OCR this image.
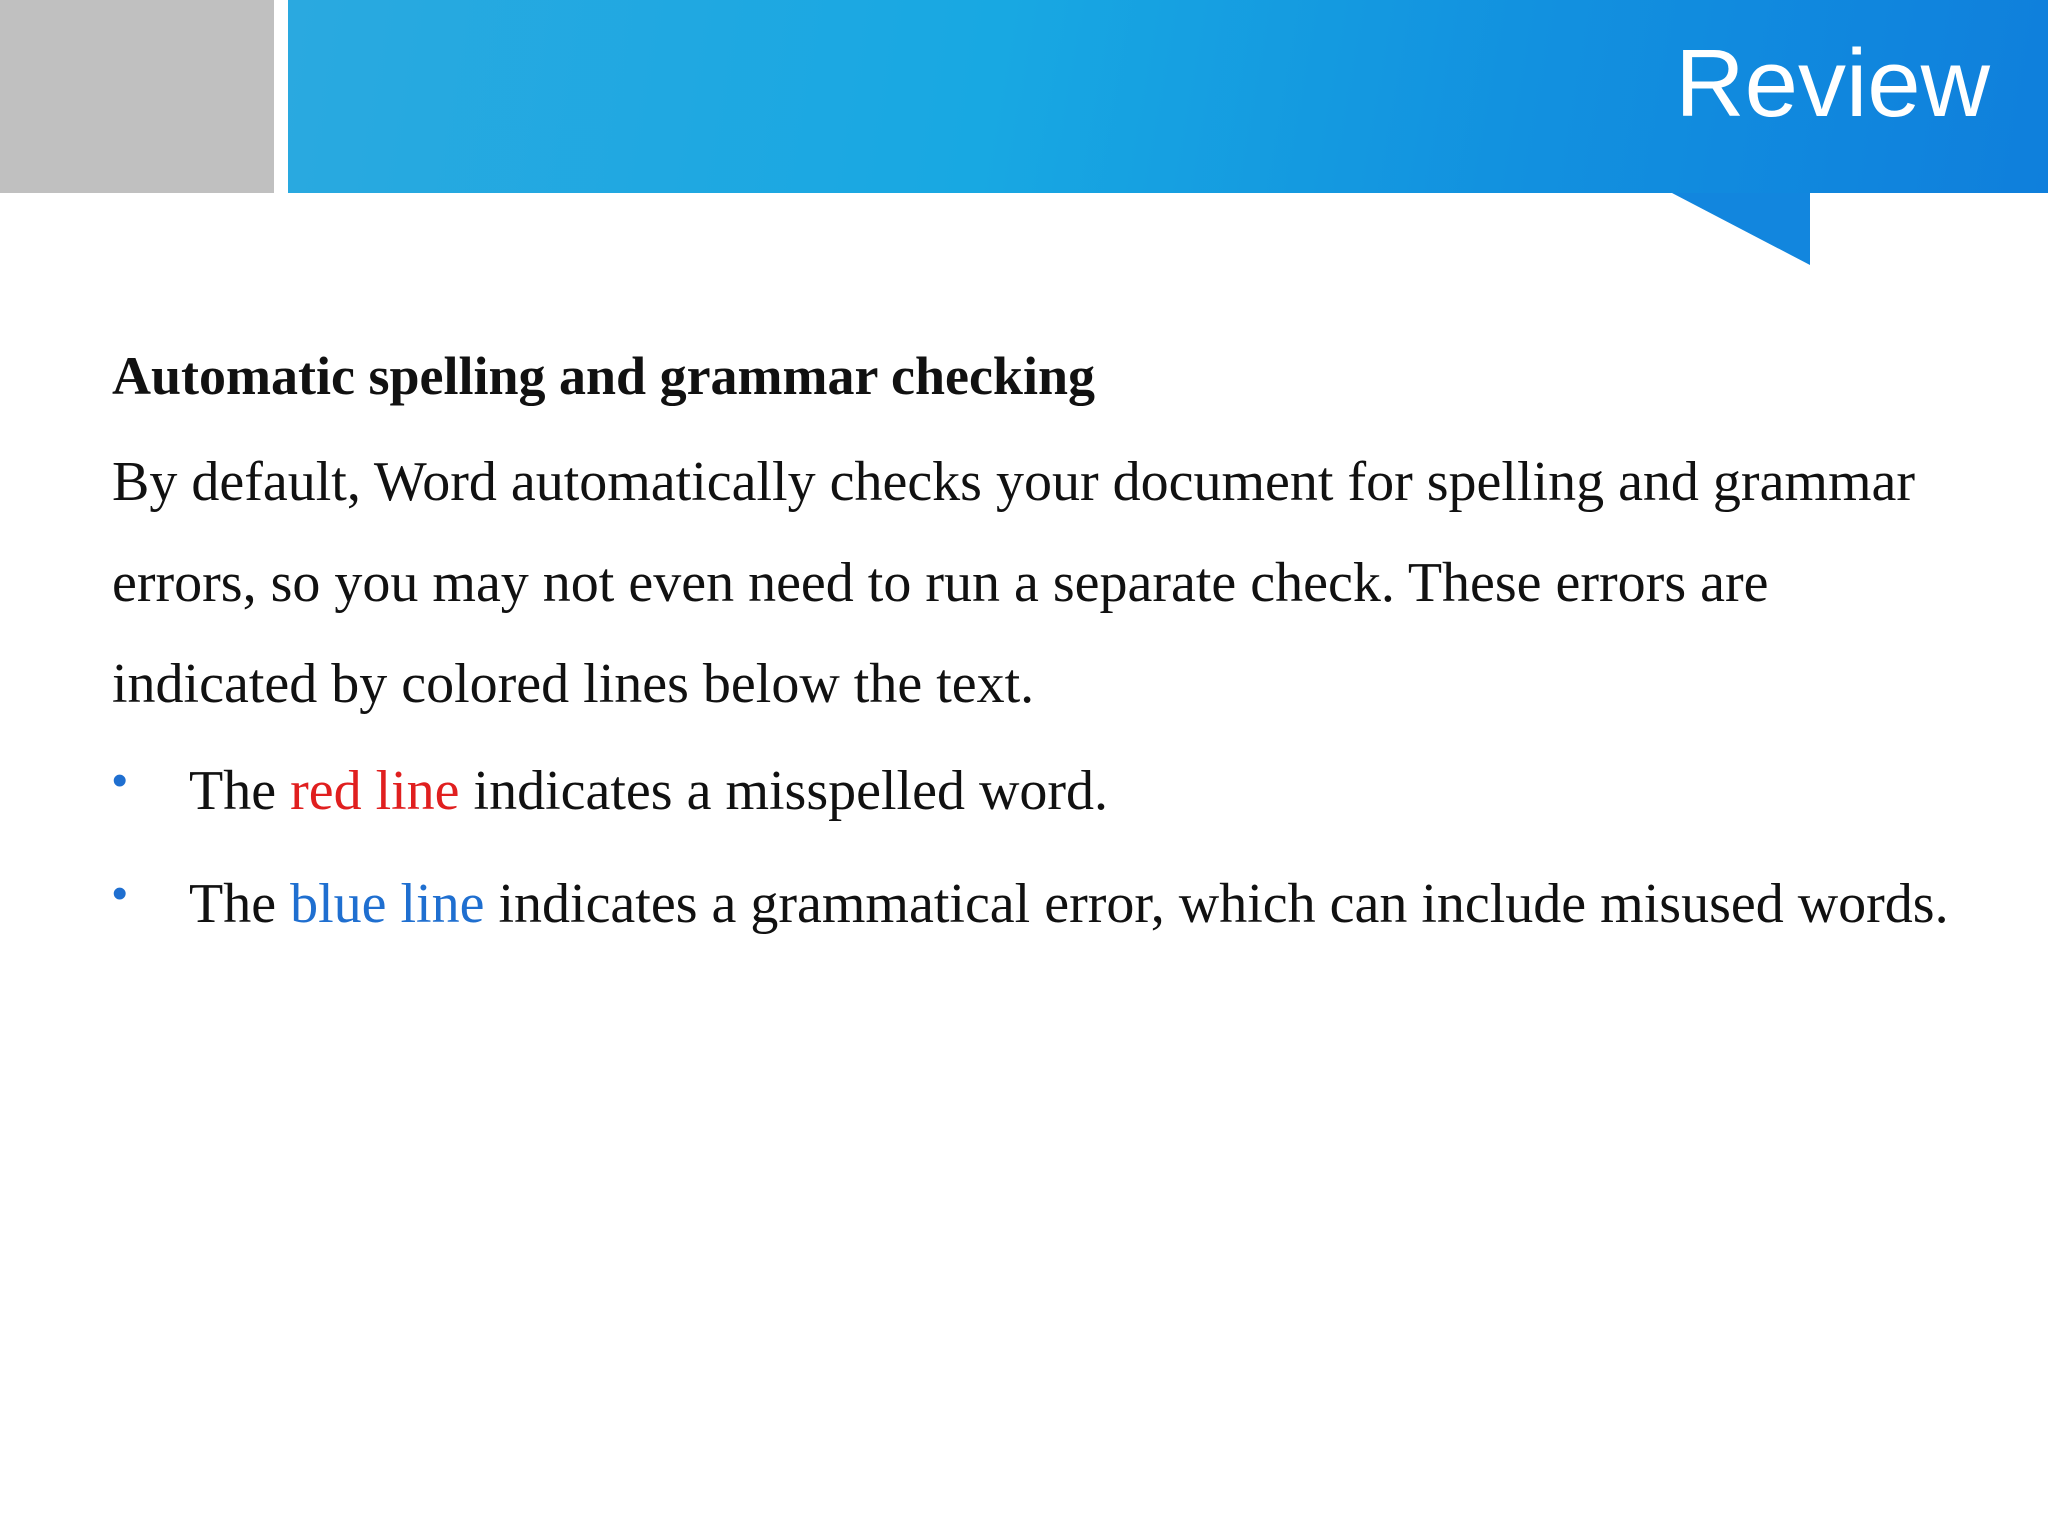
Review

Automatic spelling and grammar checking

By default, Word automatically checks your document for spelling and grammar errors, so you may not even need to run a separate check. These errors are indicated by colored lines below the text.

• The red line indicates a misspelled word.
• The blue line indicates a grammatical error, which can include misused words.
